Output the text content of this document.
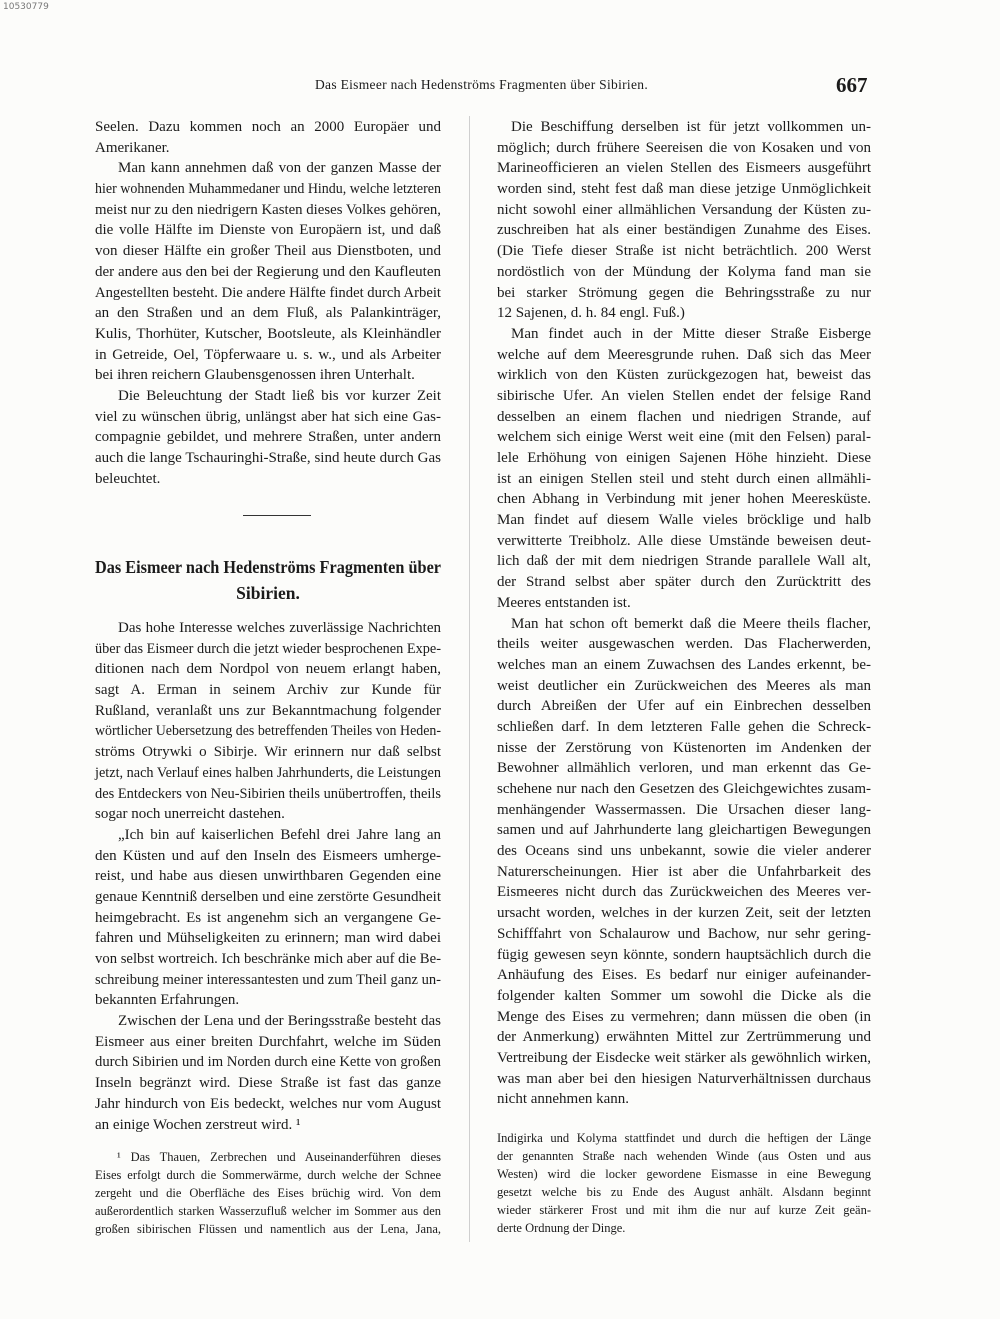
10530779
Das Eismeer nach Hedenströms Fragmenten über Sibirien.	667
Seelen. Dazu kommen noch an 2000 Europäer und
Amerikaner.
Man kann annehmen daß von der ganzen Masse der
hier wohnenden Muhammedaner und Hindu, welche letzteren
meist nur zu den niedrigern Kasten dieses Volkes gehören,
die volle Hälfte im Dienste von Europäern ist, und daß
von dieser Hälfte ein großer Theil aus Dienstboten, und
der andere aus den bei der Regierung und den Kaufleuten
Angestellten besteht. Die andere Hälfte findet durch Arbeit
an den Straßen und an dem Fluß, als Palankinträger,
Kulis, Thorhüter, Kutscher, Bootsleute, als Kleinhändler
in Getreide, Oel, Töpferwaare u. s. w., und als Arbeiter
bei ihren reichern Glaubensgenossen ihren Unterhalt.
Die Beleuchtung der Stadt ließ bis vor kurzer Zeit
viel zu wünschen übrig, unlängst aber hat sich eine Gas-
compagnie gebildet, und mehrere Straßen, unter andern
auch die lange Tschauringhi-Straße, sind heute durch Gas
beleuchtet.
Das Eismeer nach Hedenströms Fragmenten über
Sibirien.
Das hohe Interesse welches zuverlässige Nachrichten
über das Eismeer durch die jetzt wieder besprochenen Expe-
ditionen nach dem Nordpol von neuem erlangt haben,
sagt A. Erman in seinem Archiv zur Kunde für
Rußland, veranlaßt uns zur Bekanntmachung folgender
wörtlicher Uebersetzung des betreffenden Theiles von Heden-
ströms Otrywki o Sibirje. Wir erinnern nur daß selbst
jetzt, nach Verlauf eines halben Jahrhunderts, die Leistungen
des Entdeckers von Neu-Sibirien theils unübertroffen, theils
sogar noch unerreicht dastehen.
„Ich bin auf kaiserlichen Befehl drei Jahre lang an
den Küsten und auf den Inseln des Eismeers umherge-
reist, und habe aus diesen unwirthbaren Gegenden eine
genaue Kenntniß derselben und eine zerstörte Gesundheit
heimgebracht. Es ist angenehm sich an vergangene Ge-
fahren und Mühseligkeiten zu erinnern; man wird dabei
von selbst wortreich. Ich beschränke mich aber auf die Be-
schreibung meiner interessantesten und zum Theil ganz un-
bekannten Erfahrungen.
Zwischen der Lena und der Beringsstraße besteht das
Eismeer aus einer breiten Durchfahrt, welche im Süden
durch Sibirien und im Norden durch eine Kette von großen
Inseln begränzt wird. Diese Straße ist fast das ganze
Jahr hindurch von Eis bedeckt, welches nur vom August
an einige Wochen zerstreut wird. ¹
¹ Das Thauen, Zerbrechen und Auseinanderführen dieses
Eises erfolgt durch die Sommerwärme, durch welche der Schnee
zergeht und die Oberfläche des Eises brüchig wird. Von dem
außerordentlich starken Wasserzufluß welcher im Sommer aus den
großen sibirischen Flüssen und namentlich aus der Lena, Jana,
Die Beschiffung derselben ist für jetzt vollkommen un-
möglich; durch frühere Seereisen die von Kosaken und von
Marineofficieren an vielen Stellen des Eismeers ausgeführt
worden sind, steht fest daß man diese jetzige Unmöglichkeit
nicht sowohl einer allmählichen Versandung der Küsten zu-
zuschreiben hat als einer beständigen Zunahme des Eises.
(Die Tiefe dieser Straße ist nicht beträchtlich. 200 Werst
nordöstlich von der Mündung der Kolyma fand man sie
bei starker Strömung gegen die Behringsstraße zu nur
12 Sajenen, d. h. 84 engl. Fuß.)
Man findet auch in der Mitte dieser Straße Eisberge
welche auf dem Meeresgrunde ruhen. Daß sich das Meer
wirklich von den Küsten zurückgezogen hat, beweist das
sibirische Ufer. An vielen Stellen endet der felsige Rand
desselben an einem flachen und niedrigen Strande, auf
welchem sich einige Werst weit eine (mit den Felsen) paral-
lele Erhöhung von einigen Sajenen Höhe hinzieht. Diese
ist an einigen Stellen steil und steht durch einen allmähli-
chen Abhang in Verbindung mit jener hohen Meeresküste.
Man findet auf diesem Walle vieles bröcklige und halb
verwitterte Treibholz. Alle diese Umstände beweisen deut-
lich daß der mit dem niedrigen Strande parallele Wall alt,
der Strand selbst aber später durch den Zurücktritt des
Meeres entstanden ist.
Man hat schon oft bemerkt daß die Meere theils flacher,
theils weiter ausgewaschen werden. Das Flacherwerden,
welches man an einem Zuwachsen des Landes erkennt, be-
weist deutlicher ein Zurückweichen des Meeres als man
durch Abreißen der Ufer auf ein Einbrechen desselben
schließen darf. In dem letzteren Falle gehen die Schreck-
nisse der Zerstörung von Küstenorten im Andenken der
Bewohner allmählich verloren, und man erkennt das Ge-
schehene nur nach den Gesetzen des Gleichgewichtes zusam-
menhängender Wassermassen. Die Ursachen dieser lang-
samen und auf Jahrhunderte lang gleichartigen Bewegungen
des Oceans sind uns unbekannt, sowie die vieler anderer
Naturerscheinungen. Hier ist aber die Unfahrbarkeit des
Eismeeres nicht durch das Zurückweichen des Meeres ver-
ursacht worden, welches in der kurzen Zeit, seit der letzten
Schifffahrt von Schalaurow und Bachow, nur sehr gering-
fügig gewesen seyn könnte, sondern hauptsächlich durch die
Anhäufung des Eises. Es bedarf nur einiger aufeinander-
folgender kalten Sommer um sowohl die Dicke als die
Menge des Eises zu vermehren; dann müssen die oben (in
der Anmerkung) erwähnten Mittel zur Zertrümmerung und
Vertreibung der Eisdecke weit stärker als gewöhnlich wirken,
was man aber bei den hiesigen Naturverhältnissen durchaus
nicht annehmen kann.
Indigirka und Kolyma stattfindet und durch die heftigen der Länge
der genannten Straße nach wehenden Winde (aus Osten und aus
Westen) wird die locker gewordene Eismasse in eine Bewegung
gesetzt welche bis zu Ende des August anhält. Alsdann beginnt
wieder stärkerer Frost und mit ihm die nur auf kurze Zeit geän-
derte Ordnung der Dinge.
